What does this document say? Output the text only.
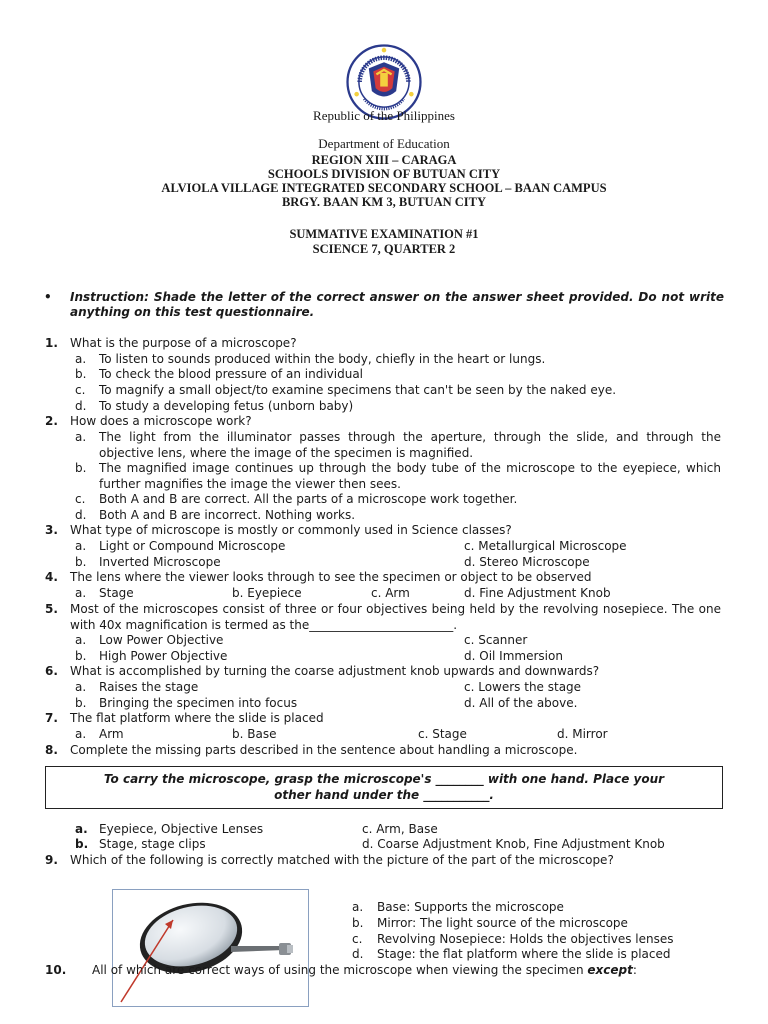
Republic of the Philippines
Department of Education
REGION XIII – CARAGA
SCHOOLS DIVISION OF BUTUAN CITY
ALVIOLA VILLAGE INTEGRATED SECONDARY SCHOOL – BAAN CAMPUS
BRGY. BAAN KM 3, BUTUAN CITY
SUMMATIVE EXAMINATION #1
SCIENCE 7, QUARTER 2
• Instruction: Shade the letter of the correct answer on the answer sheet provided. Do not write anything on this test questionnaire.
1. What is the purpose of a microscope?
a. To listen to sounds produced within the body, chiefly in the heart or lungs.
b. To check the blood pressure of an individual
c. To magnify a small object/to examine specimens that can't be seen by the naked eye.
d. To study a developing fetus (unborn baby)
2. How does a microscope work?
a. The light from the illuminator passes through the aperture, through the slide, and through the objective lens, where the image of the specimen is magnified.
b. The magnified image continues up through the body tube of the microscope to the eyepiece, which further magnifies the image the viewer then sees.
c. Both A and B are correct. All the parts of a microscope work together.
d. Both A and B are incorrect. Nothing works.
3. What type of microscope is mostly or commonly used in Science classes?
a. Light or Compound Microscope	c. Metallurgical Microscope
b. Inverted Microscope	d. Stereo Microscope
4. The lens where the viewer looks through to see the specimen or object to be observed
a. Stage	b. Eyepiece	c. Arm	d. Fine Adjustment Knob
5. Most of the microscopes consist of three or four objectives being held by the revolving nosepiece. The one with 40x magnification is termed as the________________________.
a. Low Power Objective	c. Scanner
b. High Power Objective	d. Oil Immersion
6. What is accomplished by turning the coarse adjustment knob upwards and downwards?
a. Raises the stage	c. Lowers the stage
b. Bringing the specimen into focus	d. All of the above.
7. The flat platform where the slide is placed
a. Arm	b. Base	c. Stage	d. Mirror
8. Complete the missing parts described in the sentence about handling a microscope.
To carry the microscope, grasp the microscope's ________ with one hand. Place your
other hand under the ___________.
a. Eyepiece, Objective Lenses	c. Arm, Base
b. Stage, stage clips	d. Coarse Adjustment Knob, Fine Adjustment Knob
9. Which of the following is correctly matched with the picture of the part of the microscope?
a. Base: Supports the microscope
b. Mirror: The light source of the microscope
c. Revolving Nosepiece: Holds the objectives lenses
d. Stage: the flat platform where the slide is placed
10. All of which are correct ways of using the microscope when viewing the specimen except:
